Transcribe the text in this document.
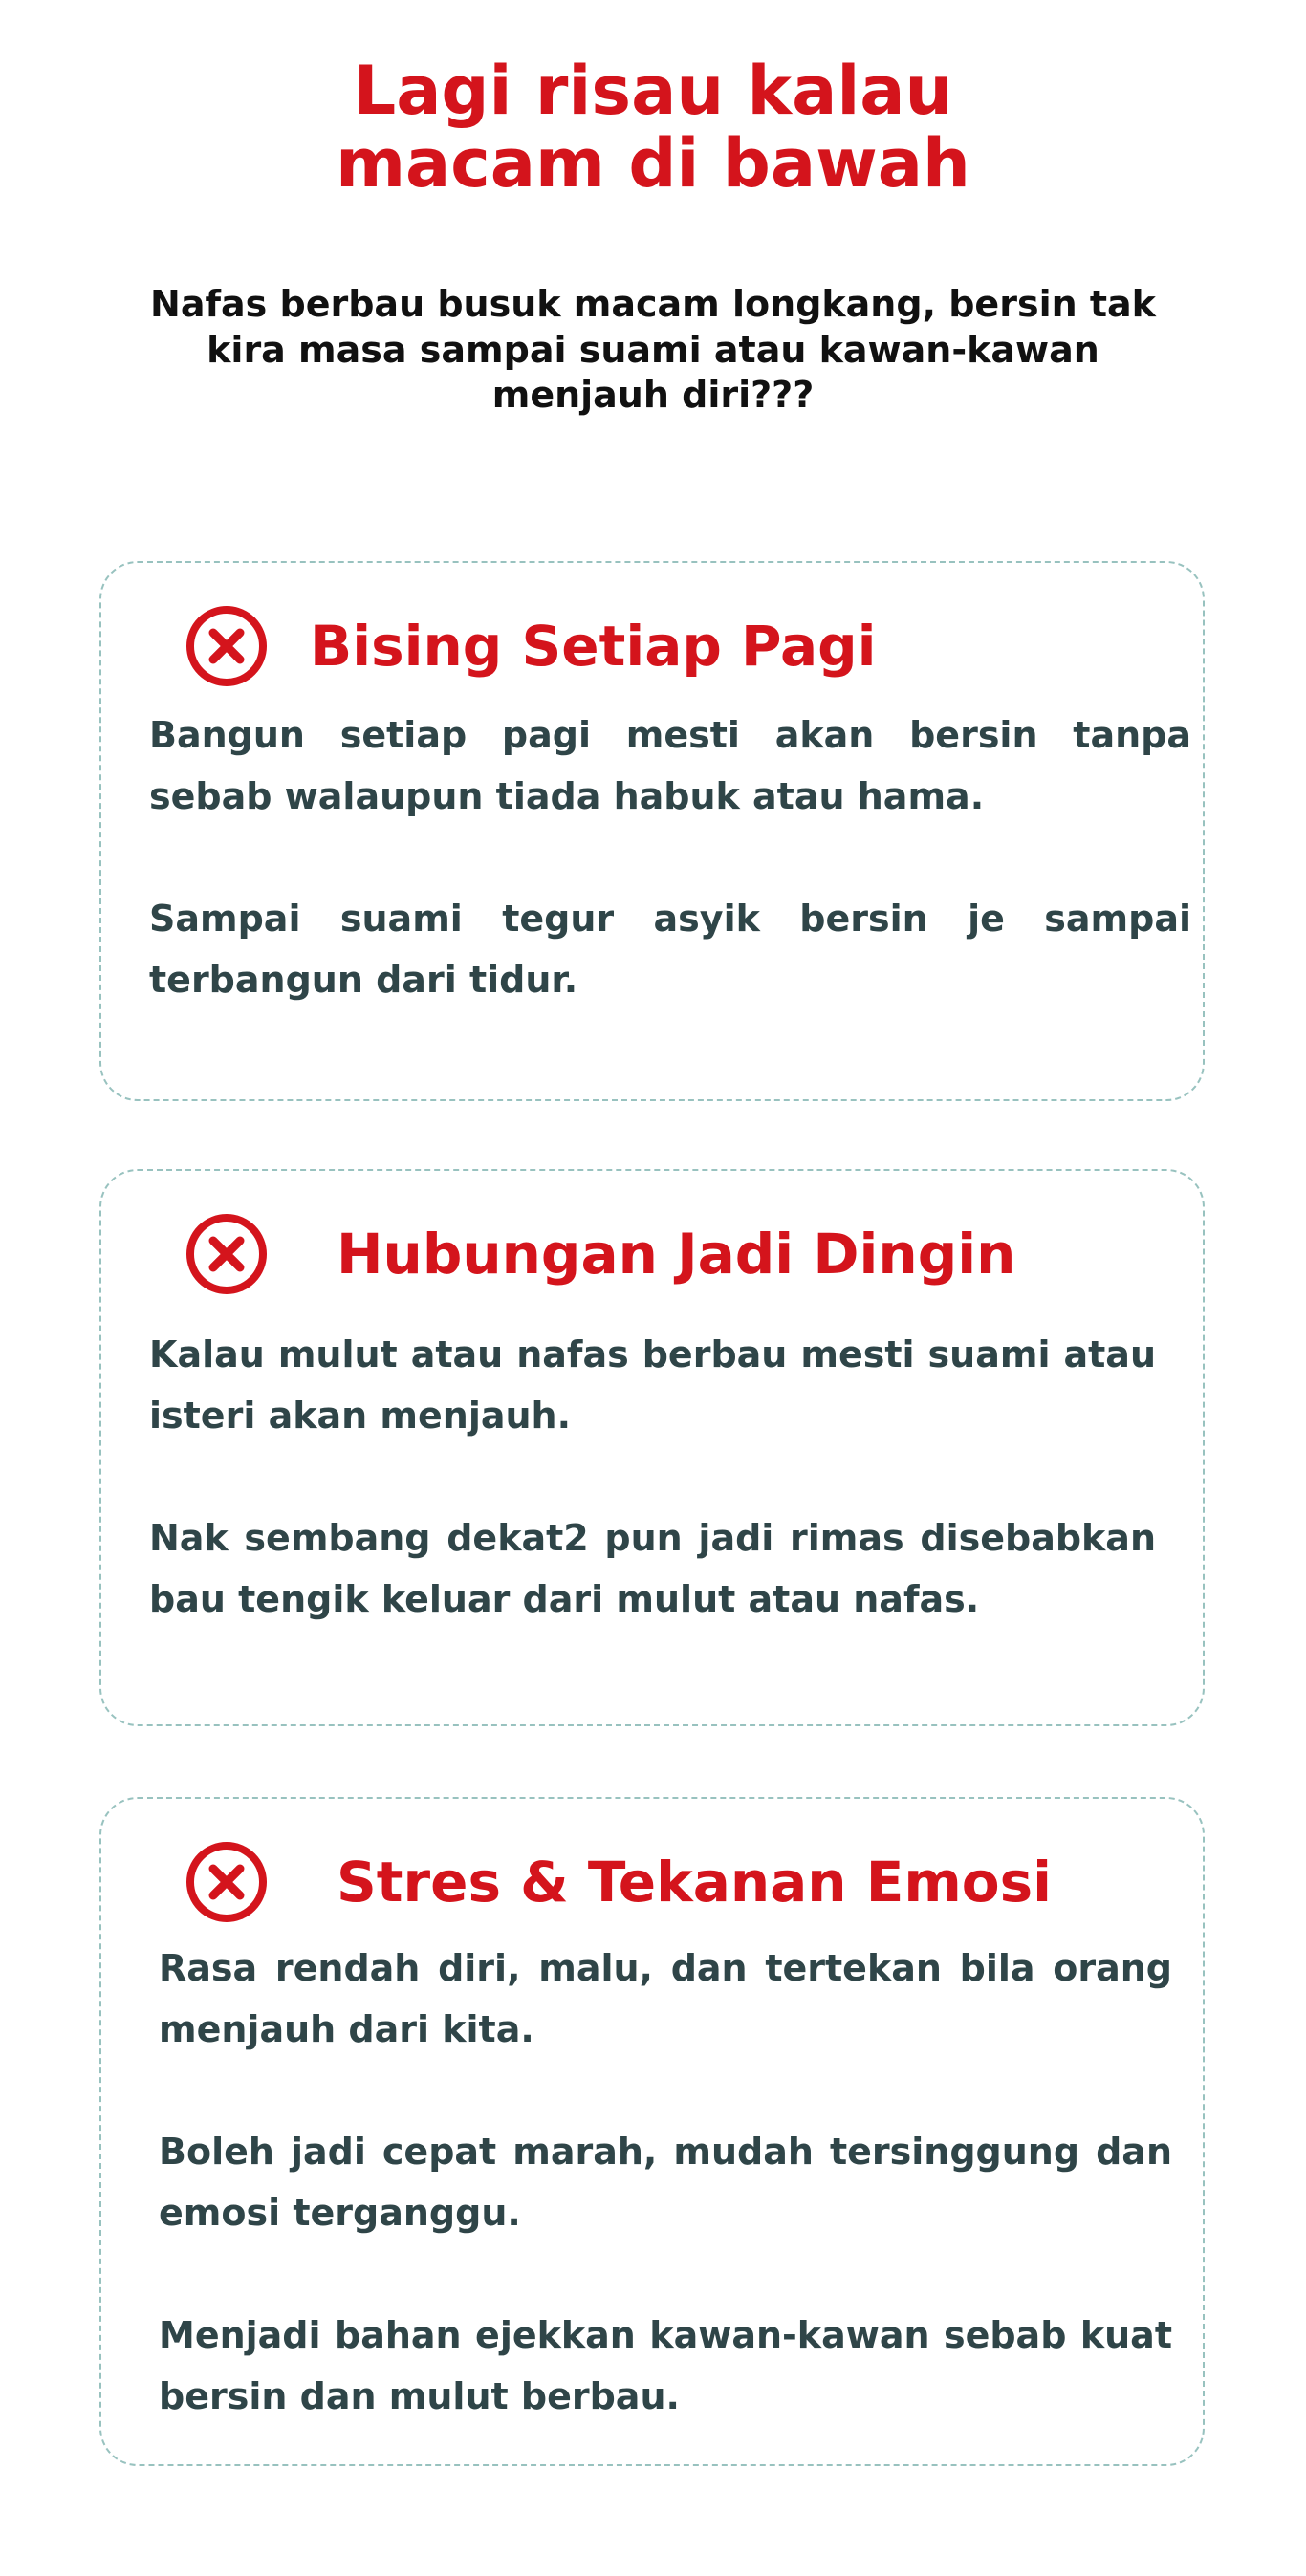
Lagi risau kalau
macam di bawah

Nafas berbau busuk macam longkang, bersin tak kira masa sampai suami atau kawan-kawan menjauh diri???

Bising Setiap Pagi

Bangun setiap pagi mesti akan bersin tanpa sebab walaupun tiada habuk atau hama.

Sampai suami tegur asyik bersin je sampai terbangun dari tidur.

Hubungan Jadi Dingin

Kalau mulut atau nafas berbau mesti suami atau isteri akan menjauh.

Nak sembang dekat2 pun jadi rimas disebabkan bau tengik keluar dari mulut atau nafas.

Stres & Tekanan Emosi

Rasa rendah diri, malu, dan tertekan bila orang menjauh dari kita.

Boleh jadi cepat marah, mudah tersinggung dan emosi terganggu.

Menjadi bahan ejekkan kawan-kawan sebab kuat bersin dan mulut berbau.
